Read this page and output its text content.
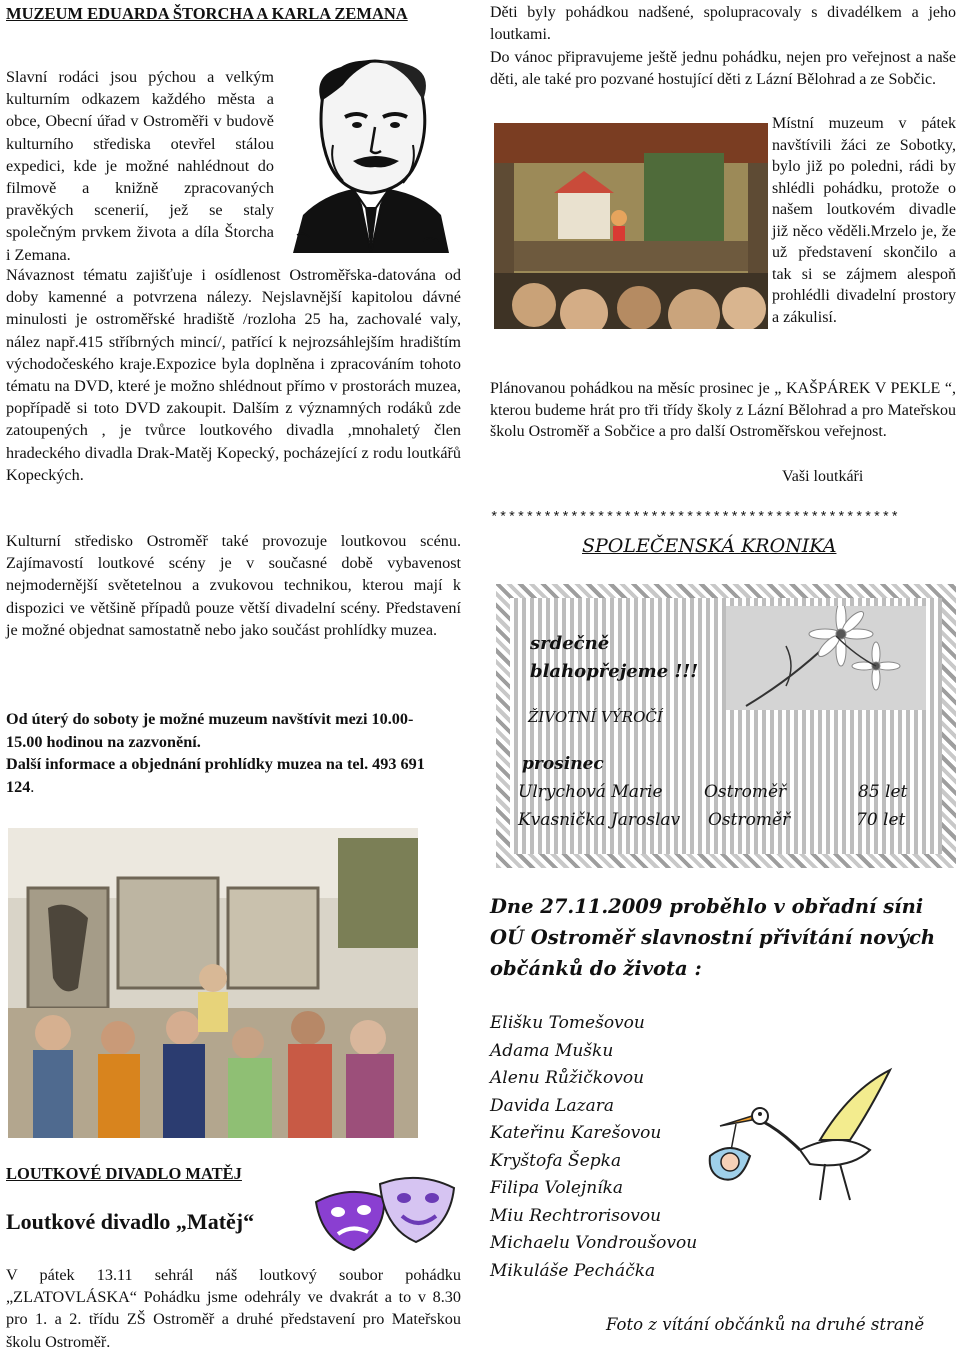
MUZEUM EDUARDA ŠTORCHA A KARLA ZEMANA

Slavní rodáci jsou pýchou a velkým kulturním odkazem každého města a obce, Obecní úřad v Ostroměři v budově kulturního střediska otevřel stálou expedici, kde je možné nahlédnout do filmově a knižně zpracovaných pravěkých scenerií, jež se staly společným prvkem života a díla Štorcha i Zemana.

Návaznost tématu zajišťuje i osídlenost Ostroměřska-datována od doby kamenné a potvrzena nálezy. Nejslavnější kapitolou dávné minulosti je ostroměřské hradiště /rozloha 25 ha, zachovalé valy, nález např.415 stříbrných mincí/, patřící k nejrozsáhlejším hradištím východočeského kraje.Expozice byla doplněna i zpracováním tohoto tématu na DVD, které je možno shlédnout přímo v prostorách muzea, popřípadě si toto DVD zakoupit. Dalším z významných rodáků zde zatoupených , je tvůrce loutkového divadla ,mnohaletý člen hradeckého divadla Drak-Matěj Kopecký, pocházející z rodu loutkářů Kopeckých.

Kulturní středisko Ostroměř také provozuje loutkovou scénu. Zajímavostí loutkové scény je v současné době vybavenost nejmodernější světetelnou a zvukovou technikou, kterou mají k dispozici ve většině případů pouze větší divadelní scény. Představení je možné objednat samostatně nebo jako součást prohlídky muzea.

Od úterý do soboty je možné muzeum navštívit mezi 10.00-15.00 hodinou na zazvonění.
Další informace a objednání prohlídky muzea na tel. 493 691 124.
LOUTKOVÉ DIVADLO MATĚJ
Loutkové divadlo „Matěj“

V pátek 13.11 sehrál náš loutkový soubor pohádku „ZLATOVLÁSKA“ Pohádku jsme odehrály ve dvakrát a to v 8.30 pro 1. a 2. třídu ZŠ Ostroměř a druhé představení pro Mateřskou školu Ostroměř.

Děti byly pohádkou nadšené, spolupracovaly s divadélkem a jeho loutkami.

Do vánoc připravujeme ještě jednu pohádku, nejen pro veřejnost a naše děti, ale také pro pozvané hostující děti z Lázní Bělohrad a ze Sobčic.

Místní muzeum v pátek navštívili žáci ze Sobotky, bylo již po poledni, rádi by shlédli pohádku, protože o našem loutkovém divadle již něco věděli.Mrzelo je, že už představení skončilo a tak si se zájmem alespoň prohlédli divadelní prostory a zákulisí.

Plánovanou pohádkou na měsíc prosinec je „ KAŠPÁREK V PEKLE “, kterou budeme hrát pro tři třídy školy z Lázní Bělohrad a pro Mateřskou školu Ostroměř a Sobčice a pro další Ostroměřskou veřejnost.

Vaši loutkáři
**********************************************
SPOLEČENSKÁ KRONIKA
srdečně
blahopřejeme !!!
ŽIVOTNÍ VÝROČÍ
prosinec
Ulrychová Marie Ostroměř	85 let
Kvasnička Jaroslav Ostroměř	70 let
Dne 27.11.2009 proběhlo v obřadní síni OÚ Ostroměř slavnostní přivítání nových občánků do života :
Elišku Tomešovou
Adama Mušku
Alenu Růžičkovou
Davida Lazara
Kateřinu Karešovou
Kryštofa Šepka
Filipa Volejníka
Miu Rechtrorisovou
Michaelu Vondroušovou
Mikuláše Pecháčka
Foto z vítání občánků na druhé straně
